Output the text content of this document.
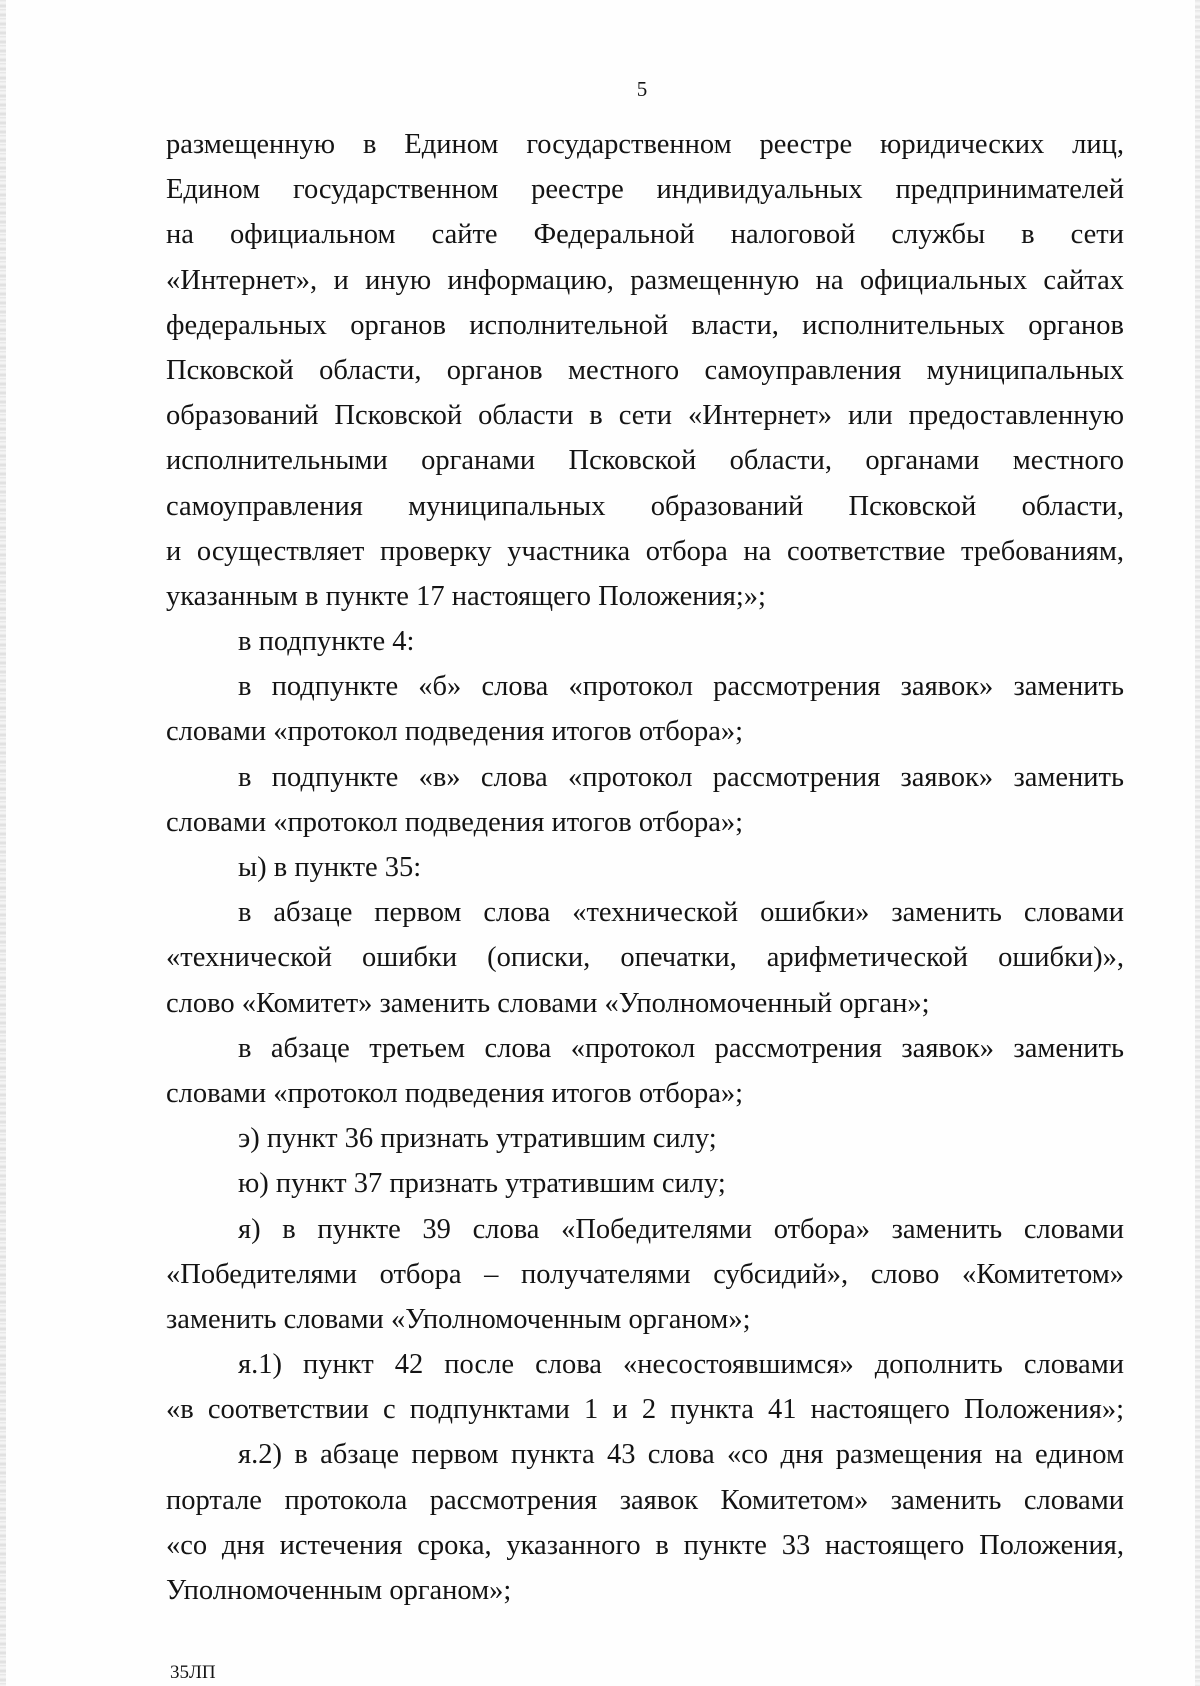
5
размещенную в Едином государственном реестре юридических лиц,
Едином государственном реестре индивидуальных предпринимателей
на официальном сайте Федеральной налоговой службы в сети
«Интернет», и иную информацию, размещенную на официальных сайтах
федеральных органов исполнительной власти, исполнительных органов
Псковской области, органов местного самоуправления муниципальных
образований Псковской области в сети «Интернет» или предоставленную
исполнительными органами Псковской области, органами местного
самоуправления муниципальных образований Псковской области,
и осуществляет проверку участника отбора на соответствие требованиям,
указанным в пункте 17 настоящего Положения;»;
в подпункте 4:
в подпункте «б» слова «протокол рассмотрения заявок» заменить
словами «протокол подведения итогов отбора»;
в подпункте «в» слова «протокол рассмотрения заявок» заменить
словами «протокол подведения итогов отбора»;
ы) в пункте 35:
в абзаце первом слова «технической ошибки» заменить словами
«технической ошибки (описки, опечатки, арифметической ошибки)»,
слово «Комитет» заменить словами «Уполномоченный орган»;
в абзаце третьем слова «протокол рассмотрения заявок» заменить
словами «протокол подведения итогов отбора»;
э) пункт 36 признать утратившим силу;
ю) пункт 37 признать утратившим силу;
я) в пункте 39 слова «Победителями отбора» заменить словами
«Победителями отбора – получателями субсидий», слово «Комитетом»
заменить словами «Уполномоченным органом»;
я.1) пункт 42 после слова «несостоявшимся» дополнить словами
«в соответствии с подпунктами 1 и 2 пункта 41 настоящего Положения»;
я.2) в абзаце первом пункта 43 слова «со дня размещения на едином
портале протокола рассмотрения заявок Комитетом» заменить словами
«со дня истечения срока, указанного в пункте 33 настоящего Положения,
Уполномоченным органом»;
35ЛП
